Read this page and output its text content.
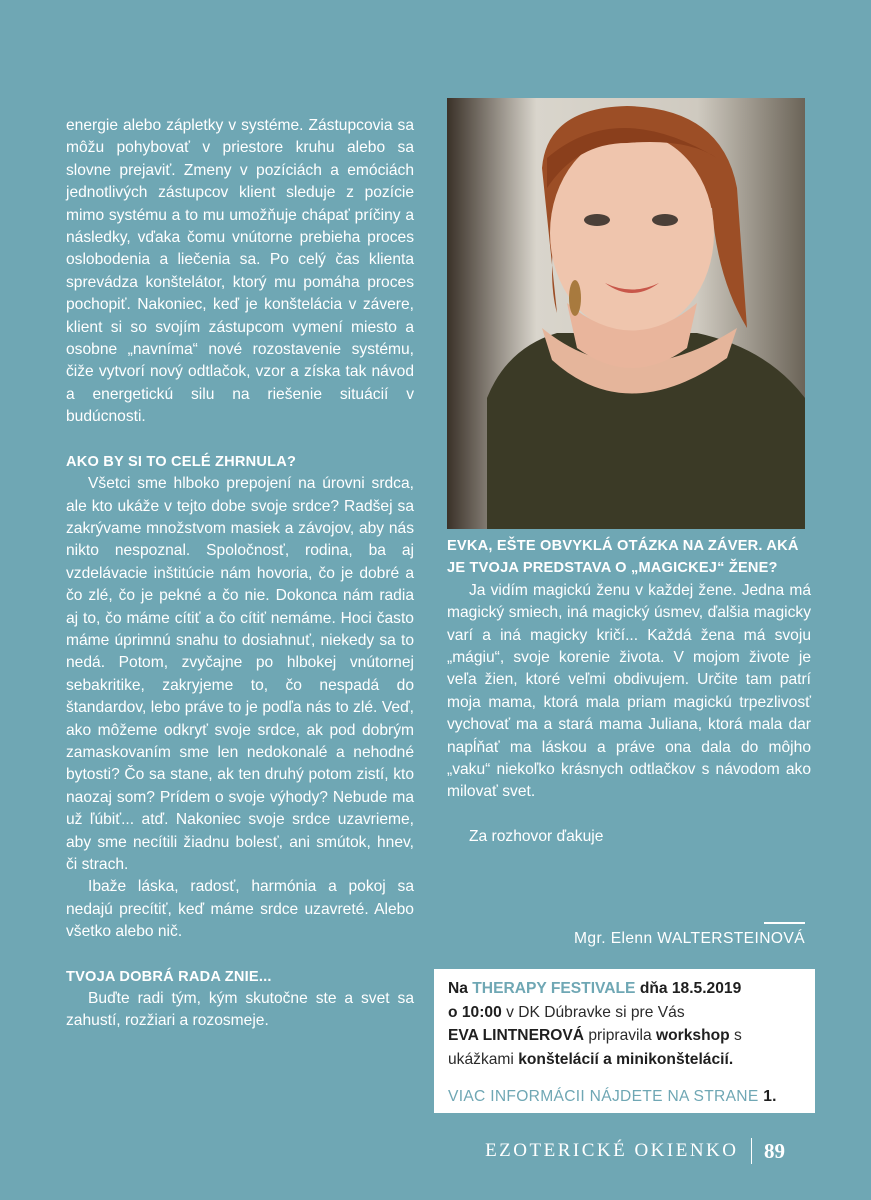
energie alebo zápletky v systéme. Zástupcovia sa môžu pohybovať v priestore kruhu alebo sa slovne prejaviť. Zmeny v pozíciách a emóciách jednotlivých zástupcov klient sleduje z pozície mimo systému a to mu umožňuje chápať príčiny a následky, vďaka čomu vnútorne prebieha proces oslobodenia a liečenia sa. Po celý čas klienta sprevádza konštelátor, ktorý mu pomáha proces pochopiť. Nakoniec, keď je konštelácia v závere, klient si so svojím zástupcom vymení miesto a osobne „navníma“ nové rozostavenie systému, čiže vytvorí nový odtlačok, vzor a získa tak návod a energetickú silu na riešenie situácií v budúcnosti.

AKO BY SI TO CELÉ ZHRNULA?

Všetci sme hlboko prepojení na úrovni srdca, ale kto ukáže v tejto dobe svoje srdce? Radšej sa zakrývame množstvom masiek a závojov, aby nás nikto nespoznal. Spoločnosť, rodina, ba aj vzdelávacie inštitúcie nám hovoria, čo je dobré a čo zlé, čo je pekné a čo nie. Dokonca nám radia aj to, čo máme cítiť a čo cítiť nemáme. Hoci často máme úprimnú snahu to dosiahnuť, niekedy sa to nedá. Potom, zvyčajne po hlbokej vnútornej sebakritike, zakryjeme to, čo nespadá do štandardov, lebo práve to je podľa nás to zlé. Veď, ako môžeme odkryť svoje srdce, ak pod dobrým zamaskovaním sme len nedokonalé a nehodné bytosti? Čo sa stane, ak ten druhý potom zistí, kto naozaj som? Prídem o svoje výhody? Nebude ma už ľúbiť... atď. Nakoniec svoje srdce uzavrieme, aby sme necítili žiadnu bolesť, ani smútok, hnev, či strach.

Ibaže láska, radosť, harmónia a pokoj sa nedajú precítiť, keď máme srdce uzavreté. Alebo všetko alebo nič.

TVOJA DOBRÁ RADA ZNIE...

Buďte radi tým, kým skutočne ste a svet sa zahustí, rozžiari a rozosmeje.

EVKA, EŠTE OBVYKLÁ OTÁZKA NA ZÁVER. AKÁ JE TVOJA PREDSTAVA O „MAGICKEJ“ ŽENE?

Ja vidím magickú ženu v každej žene. Jedna má magický smiech, iná magický úsmev, ďalšia magicky varí a iná magicky kričí... Každá žena má svoju „mágiu“, svoje korenie života. V mojom živote je veľa žien, ktoré veľmi obdivujem. Určite tam patrí moja mama, ktorá mala priam magickú trpezlivosť vychovať ma a stará mama Juliana, ktorá mala dar napĺňať ma láskou a práve ona dala do môjho „vaku“ niekoľko krásnych odtlačkov s návodom ako milovať svet.

Za rozhovor ďakuje

Mgr. Elenn WALTERSTEINOVÁ
Na THERAPY FESTIVALE dňa 18.5.2019
o 10:00 v DK Dúbravke si pre Vás
EVA LINTNEROVÁ pripravila workshop s
ukážkami konštelácií a minikonštelácií.
VIAC INFORMÁCII NÁJDETE NA STRANE 1.
EZOTERICKÉ OKIENKO 89
